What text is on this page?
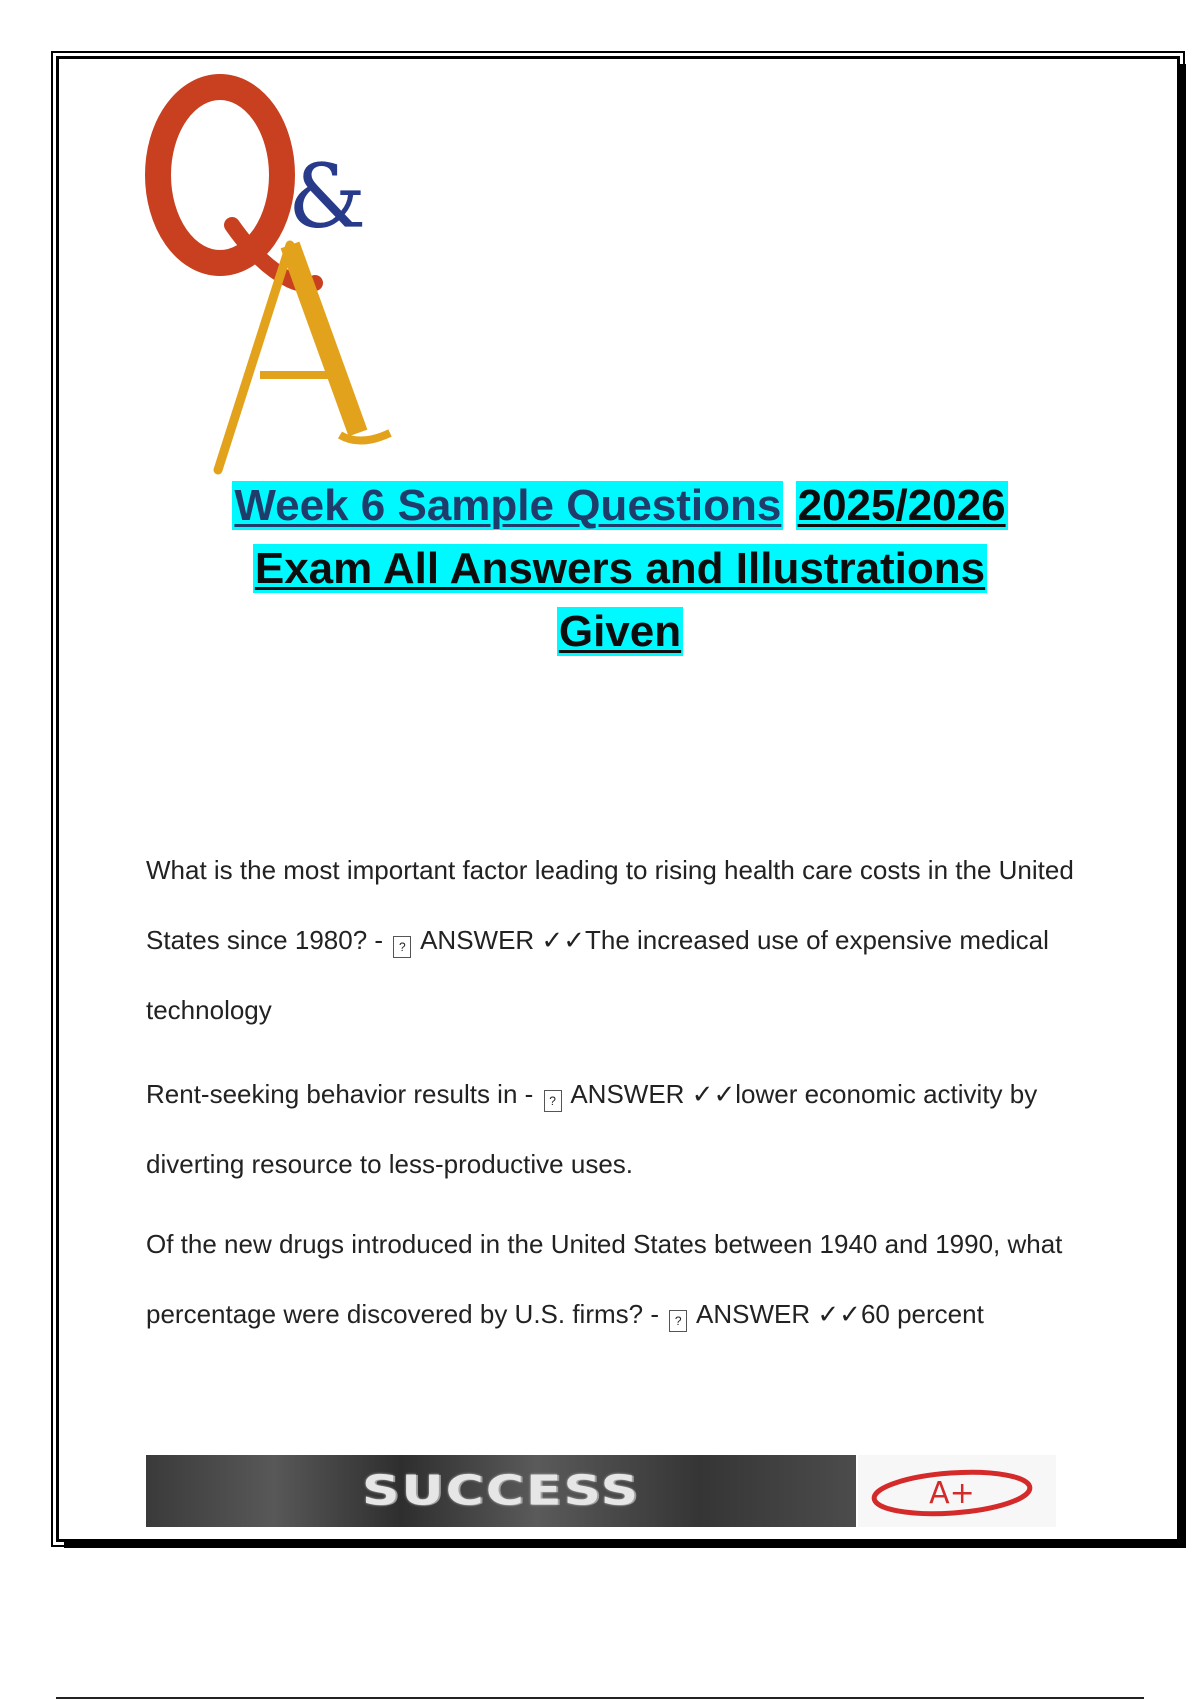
&
Week 6 Sample Questions 2025/2026
Exam All Answers and Illustrations
Given
What is the most important factor leading to rising health care costs in the United States since 1980? - ? ANSWER ✓✓The increased use of expensive medical technology
Rent-seeking behavior results in - ? ANSWER ✓✓lower economic activity by diverting resource to less-productive uses.
Of the new drugs introduced in the United States between 1940 and 1990, what percentage were discovered by U.S. firms? - ? ANSWER ✓✓60 percent
SUCCESS	A+
